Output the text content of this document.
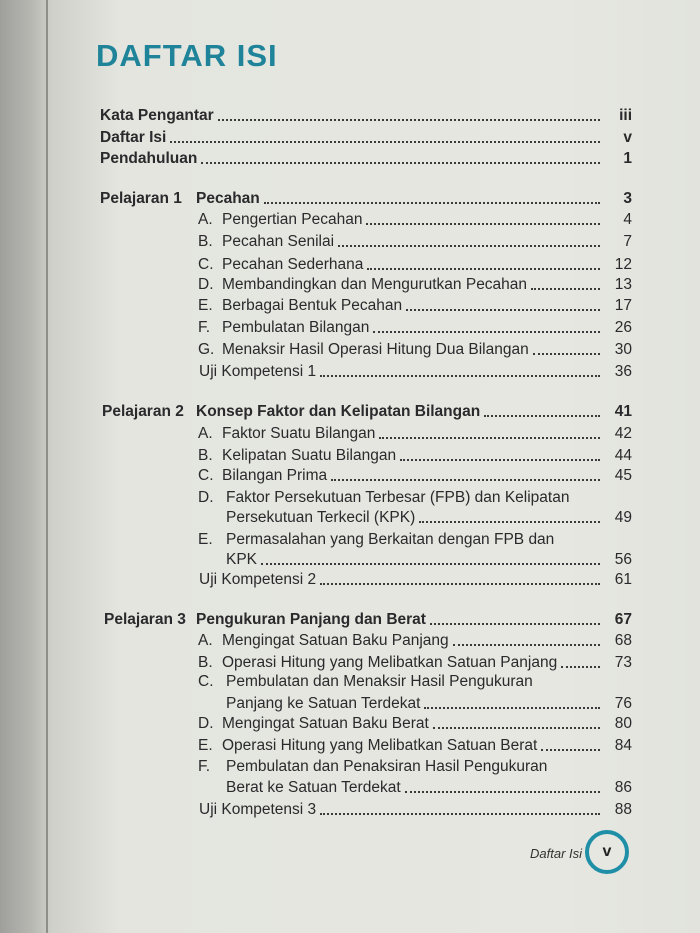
DAFTAR ISI
Kata Pengantar	iii
Daftar Isi	v
Pendahuluan	1
Pelajaran 1 Pecahan	3
A. Pengertian Pecahan	4
B. Pecahan Senilai	7
C. Pecahan Sederhana	12
D. Membandingkan dan Mengurutkan Pecahan	13
E. Berbagai Bentuk Pecahan	17
F. Pembulatan Bilangan	26
G. Menaksir Hasil Operasi Hitung Dua Bilangan	30
Uji Kompetensi 1	36
Pelajaran 2 Konsep Faktor dan Kelipatan Bilangan	41
A. Faktor Suatu Bilangan	42
B. Kelipatan Suatu Bilangan	44
C. Bilangan Prima	45
D. Faktor Persekutuan Terbesar (FPB) dan Kelipatan
Persekutuan Terkecil (KPK)	49
E. Permasalahan yang Berkaitan dengan FPB dan
KPK	56
Uji Kompetensi 2	61
Pelajaran 3 Pengukuran Panjang dan Berat	67
A. Mengingat Satuan Baku Panjang	68
B. Operasi Hitung yang Melibatkan Satuan Panjang	73
C. Pembulatan dan Menaksir Hasil Pengukuran
Panjang ke Satuan Terdekat	76
D. Mengingat Satuan Baku Berat	80
E. Operasi Hitung yang Melibatkan Satuan Berat	84
F. Pembulatan dan Penaksiran Hasil Pengukuran
Berat ke Satuan Terdekat	86
Uji Kompetensi 3	88
Daftar Isi	v
